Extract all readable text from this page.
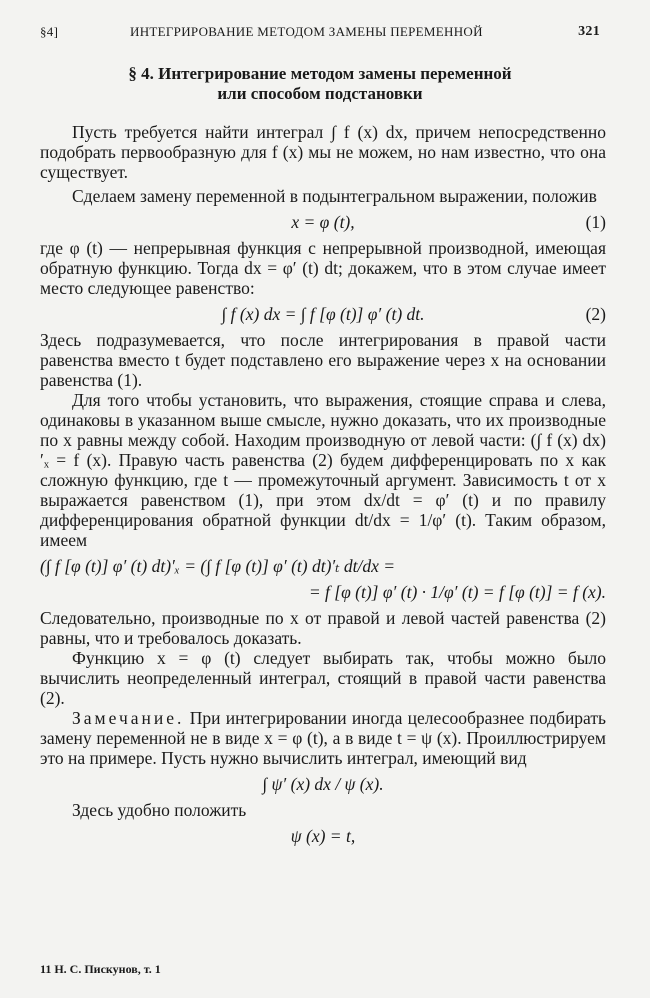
§4]	ИНТЕГРИРОВАНИЕ МЕТОДОМ ЗАМЕНЫ ПЕРЕМЕННОЙ	321
§ 4. Интегрирование методом замены переменной
или способом подстановки

Пусть требуется найти интеграл ∫ f (x) dx, причем непосредственно подобрать первообразную для f (x) мы не можем, но нам известно, что она существует.

Сделаем замену переменной в подынтегральном выражении, положив

x = φ (t),	(1)

где φ (t) — непрерывная функция с непрерывной производной, имеющая обратную функцию. Тогда dx = φ′ (t) dt; докажем, что в этом случае имеет место следующее равенство:

∫ f (x) dx = ∫ f [φ (t)] φ′ (t) dt.	(2)

Здесь подразумевается, что после интегрирования в правой части равенства вместо t будет подставлено его выражение через x на основании равенства (1).

Для того чтобы установить, что выражения, стоящие справа и слева, одинаковы в указанном выше смысле, нужно доказать, что их производные по x равны между собой. Находим производную от левой части: (∫ f (x) dx)′ₓ = f (x). Правую часть равенства (2) будем дифференцировать по x как сложную функцию, где t — промежуточный аргумент. Зависимость t от x выражается равенством (1), при этом dx/dt = φ′ (t) и по правилу дифференцирования обратной функции dt/dx = 1/φ′ (t). Таким образом, имеем

(∫ f [φ (t)] φ′ (t) dt)′ₓ = (∫ f [φ (t)] φ′ (t) dt)′ₜ dt/dx =
= f [φ (t)] φ′ (t) · 1/φ′ (t) = f [φ (t)] = f (x).

Следовательно, производные по x от правой и левой частей равенства (2) равны, что и требовалось доказать.

Функцию x = φ (t) следует выбирать так, чтобы можно было вычислить неопределенный интеграл, стоящий в правой части равенства (2).

Замечание. При интегрировании иногда целесообразнее подбирать замену переменной не в виде x = φ (t), а в виде t = ψ (x). Проиллюстрируем это на примере. Пусть нужно вычислить интеграл, имеющий вид

∫ ψ′ (x) dx / ψ (x).

Здесь удобно положить

ψ (x) = t,
11 Н. С. Пискунов, т. 1
